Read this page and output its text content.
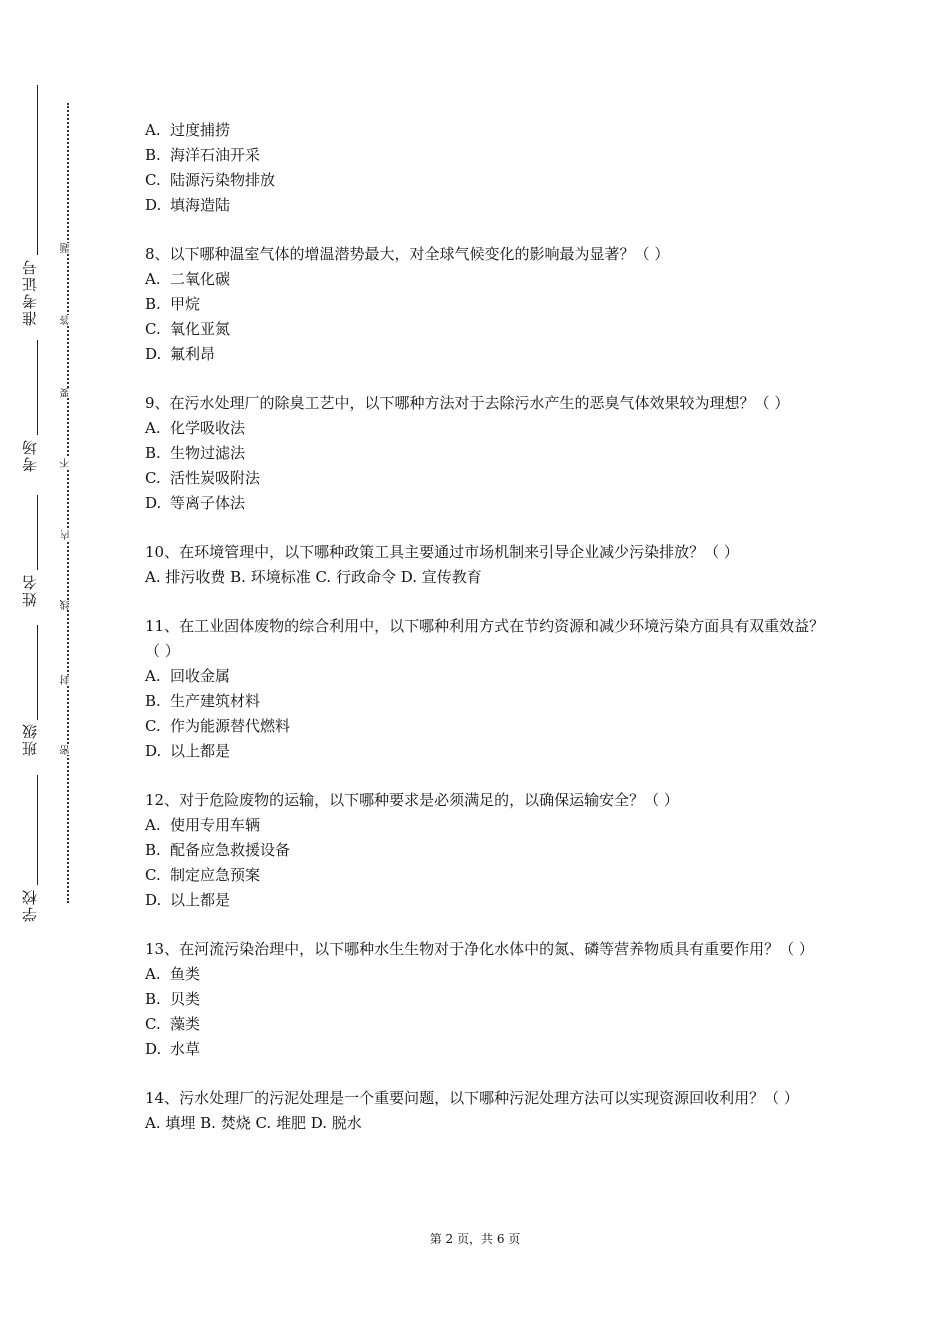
准考证号
考场
姓名
班级
学校
密
封
线
内
不
要
答
题
A. 过度捕捞
B. 海洋石油开采
C. 陆源污染物排放
D. 填海造陆
8、以下哪种温室气体的增温潜势最大，对全球气候变化的影响最为显著？（ ）
A. 二氧化碳
B. 甲烷
C. 氧化亚氮
D. 氟利昂
9、在污水处理厂的除臭工艺中，以下哪种方法对于去除污水产生的恶臭气体效果较为理想？（ ）
A. 化学吸收法
B. 生物过滤法
C. 活性炭吸附法
D. 等离子体法
10、在环境管理中，以下哪种政策工具主要通过市场机制来引导企业减少污染排放？（ ）
A. 排污收费 B. 环境标准 C. 行政命令 D. 宣传教育
11、在工业固体废物的综合利用中，以下哪种利用方式在节约资源和减少环境污染方面具有双重效益？（ ）
A. 回收金属
B. 生产建筑材料
C. 作为能源替代燃料
D. 以上都是
12、对于危险废物的运输，以下哪种要求是必须满足的，以确保运输安全？（ ）
A. 使用专用车辆
B. 配备应急救援设备
C. 制定应急预案
D. 以上都是
13、在河流污染治理中，以下哪种水生生物对于净化水体中的氮、磷等营养物质具有重要作用？（ ）
A. 鱼类
B. 贝类
C. 藻类
D. 水草
14、污水处理厂的污泥处理是一个重要问题，以下哪种污泥处理方法可以实现资源回收利用？（ ）
A. 填埋 B. 焚烧 C. 堆肥 D. 脱水
第 2 页，共 6 页
